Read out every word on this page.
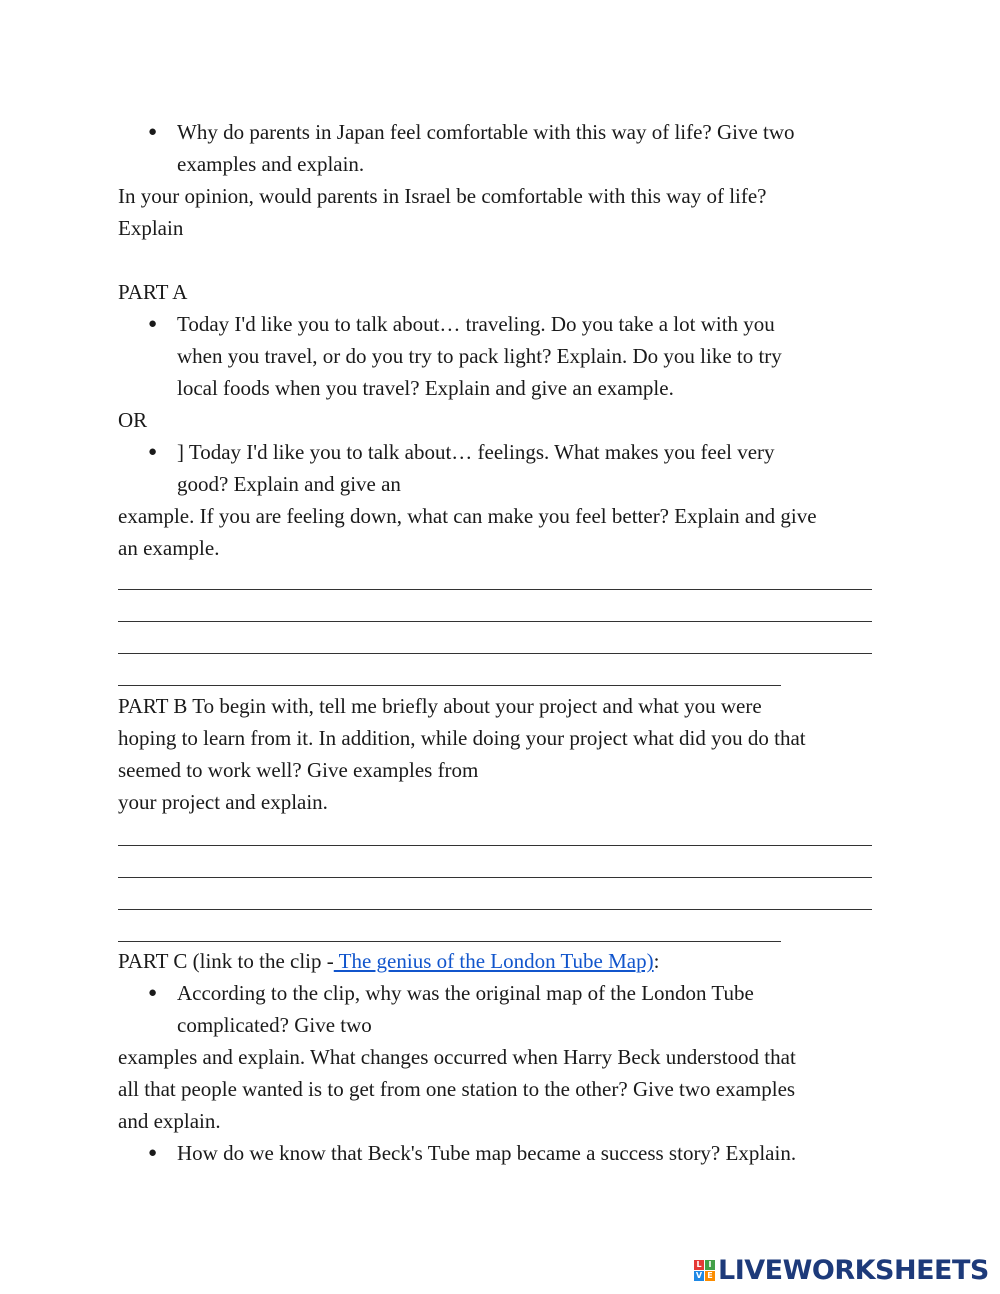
● Why do parents in Japan feel comfortable with this way of life? Give two
examples and explain.
In your opinion, would parents in Israel be comfortable with this way of life?
Explain
PART A
● Today I'd like you to talk about… traveling. Do you take a lot with you
when you travel, or do you try to pack light? Explain. Do you like to try
local foods when you travel? Explain and give an example.
OR
● ] Today I'd like you to talk about… feelings. What makes you feel very
good? Explain and give an
example. If you are feeling down, what can make you feel better? Explain and give
an example.
PART B To begin with, tell me briefly about your project and what you were
hoping to learn from it. In addition, while doing your project what did you do that
seemed to work well? Give examples from
your project and explain.
PART C (link to the clip - The genius of the London Tube Map):
● According to the clip, why was the original map of the London Tube
complicated? Give two
examples and explain. What changes occurred when Harry Beck understood that
all that people wanted is to get from one station to the other? Give two examples
and explain.
● How do we know that Beck's Tube map became a success story? Explain.
L I
V E LIVEWORKSHEETS
